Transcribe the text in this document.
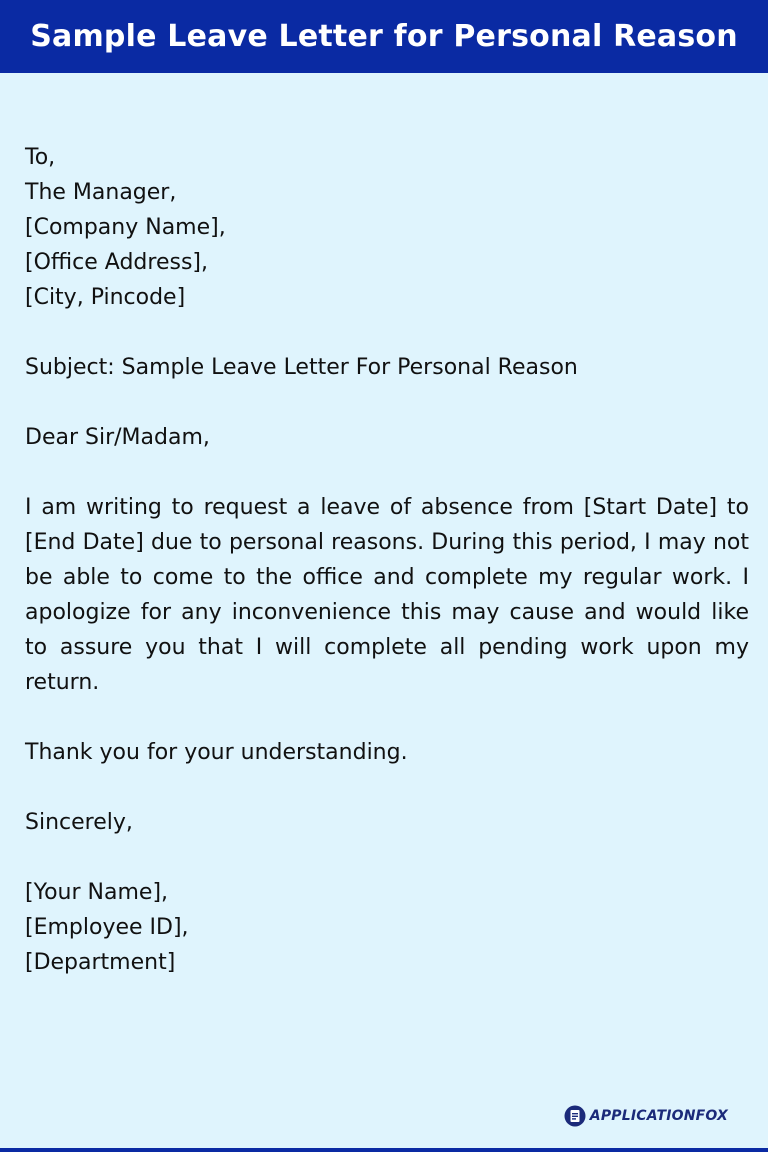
Sample Leave Letter for Personal Reason
To,
The Manager,
[Company Name],
[Office Address],
[City, Pincode]
Subject: Sample Leave Letter For Personal Reason
Dear Sir/Madam,
I am writing to request a leave of absence from [Start Date] to [End Date] due to personal reasons. During this period, I may not be able to come to the office and complete my regular work. I apologize for any inconvenience this may cause and would like to assure you that I will complete all pending work upon my return.
Thank you for your understanding.
Sincerely,
[Your Name],
[Employee ID],
[Department]
APPLICATIONFOX
